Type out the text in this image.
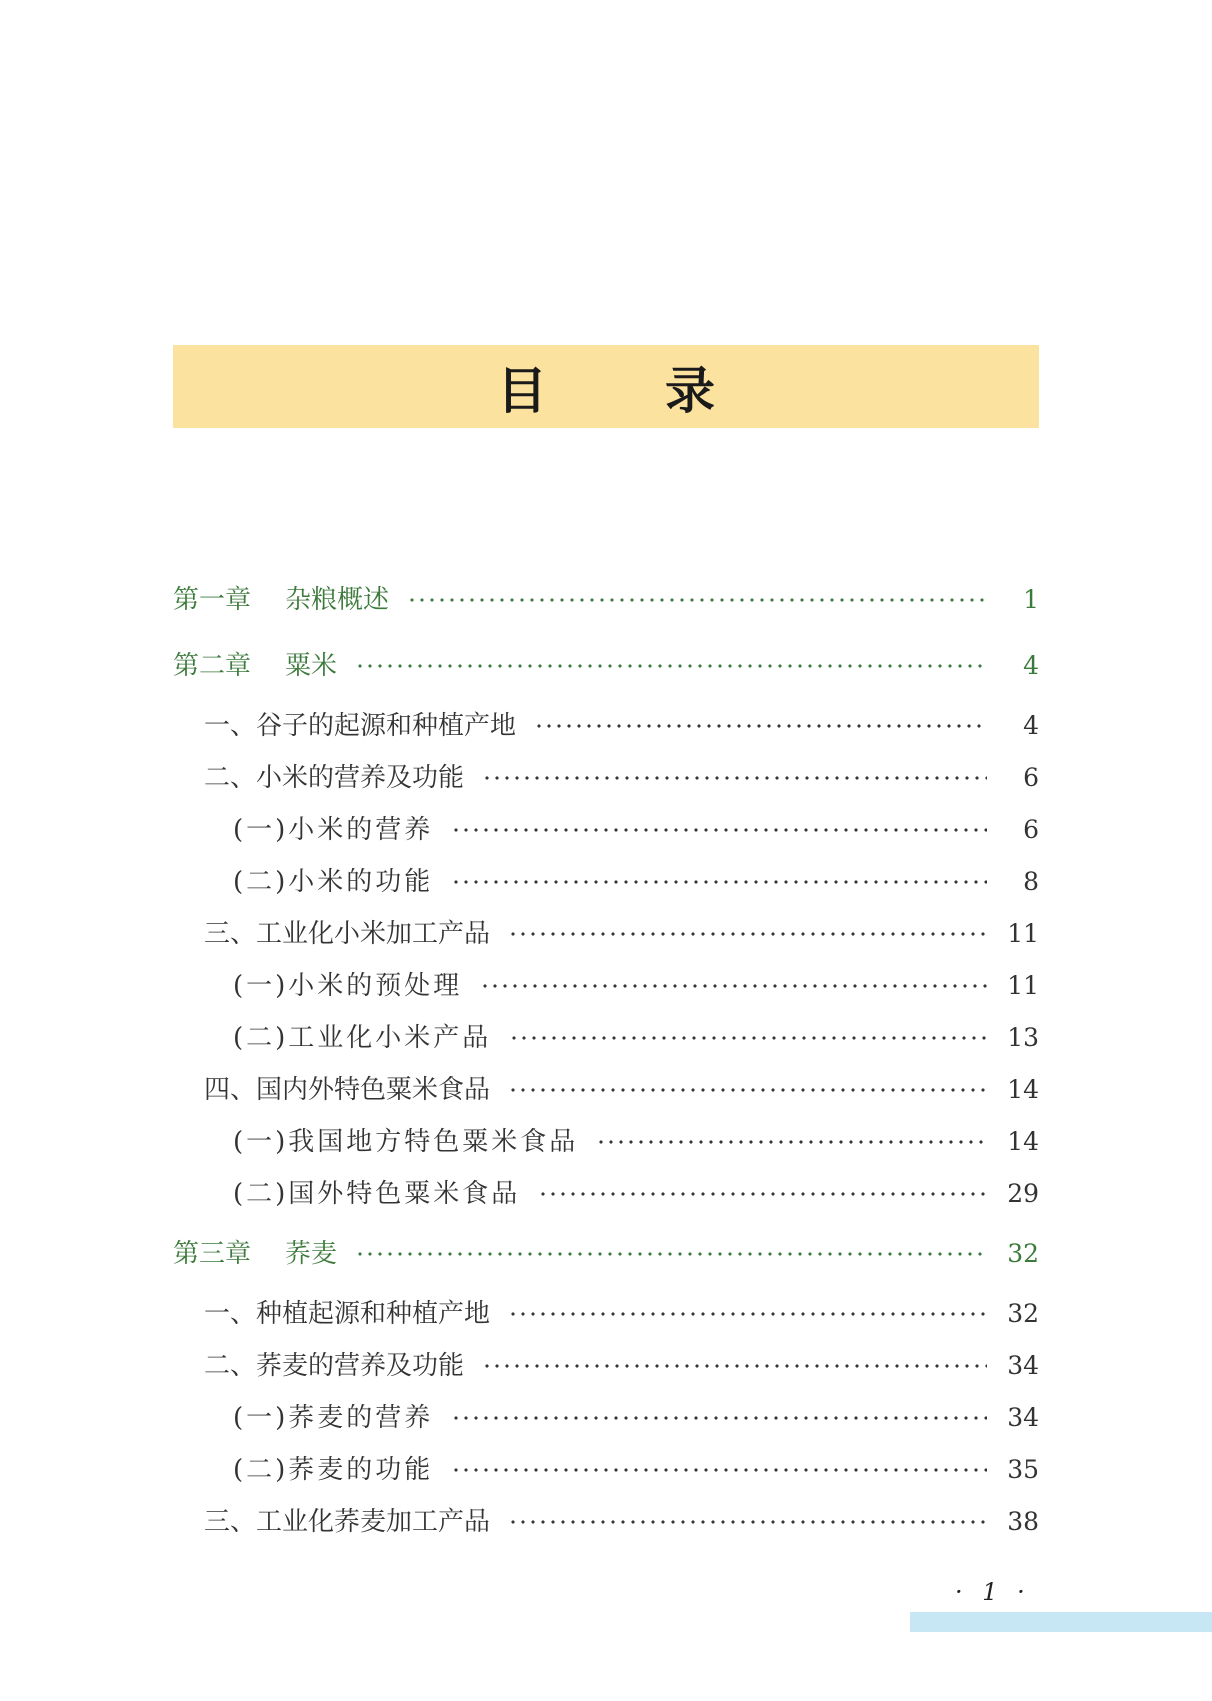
目录
第一章 杂粮概述	1
第二章 粟米	4
一、谷子的起源和种植产地	4
二、小米的营养及功能	6
(一)小米的营养	6
(二)小米的功能	8
三、工业化小米加工产品	11
(一)小米的预处理	11
(二)工业化小米产品	13
四、国内外特色粟米食品	14
(一)我国地方特色粟米食品	14
(二)国外特色粟米食品	29
第三章 荞麦	32
一、种植起源和种植产地	32
二、荞麦的营养及功能	34
(一)荞麦的营养	34
(二)荞麦的功能	35
三、工业化荞麦加工产品	38
· 1 ·
